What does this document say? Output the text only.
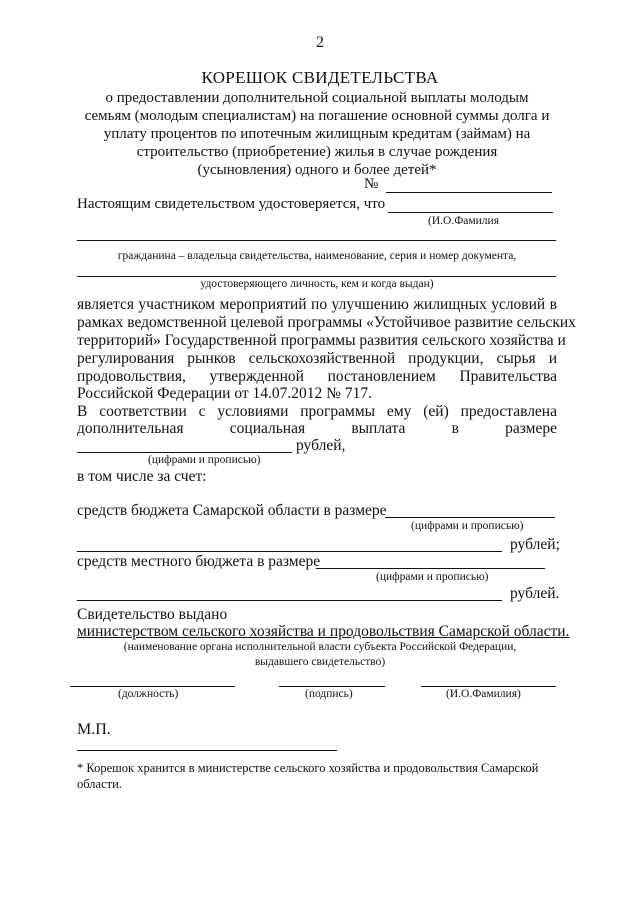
2
КОРЕШОК СВИДЕТЕЛЬСТВА
о предоставлении дополнительной социальной выплаты молодым
семьям (молодым специалистам) на погашение основной суммы долга и
уплату процентов по ипотечным жилищным кредитам (займам) на
строительство (приобретение) жилья в случае рождения
(усыновления) одного и более детей*
№
Настоящим свидетельством удостоверяется, что
(И.О.Фамилия
гражданина – владельца свидетельства, наименование, серия и номер документа,
удостоверяющего личность, кем и когда выдан)
является участником мероприятий по улучшению жилищных условий в
рамках ведомственной целевой программы «Устойчивое развитие сельских
территорий» Государственной программы развития сельского хозяйства и
регулирования рынков сельскохозяйственной продукции, сырья и
продовольствия, утвержденной постановлением Правительства
Российской Федерации от 14.07.2012 № 717.
В соответствии с условиями программы ему (ей) предоставлена
дополнительная социальная выплата в размере
рублей,
(цифрами и прописью)
в том числе за счет:
средств бюджета Самарской области в размере
(цифрами и прописью)
рублей;
средств местного бюджета в размере
(цифрами и прописью)
рублей.
Свидетельство выдано
министерством сельского хозяйства и продовольствия Самарской области.
(наименование органа исполнительной власти субъекта Российской Федерации,
выдавшего свидетельство)
(должность)	(подпись)	(И.О.Фамилия)
М.П.
* Корешок хранится в министерстве сельского хозяйства и продовольствия Самарской
области.
